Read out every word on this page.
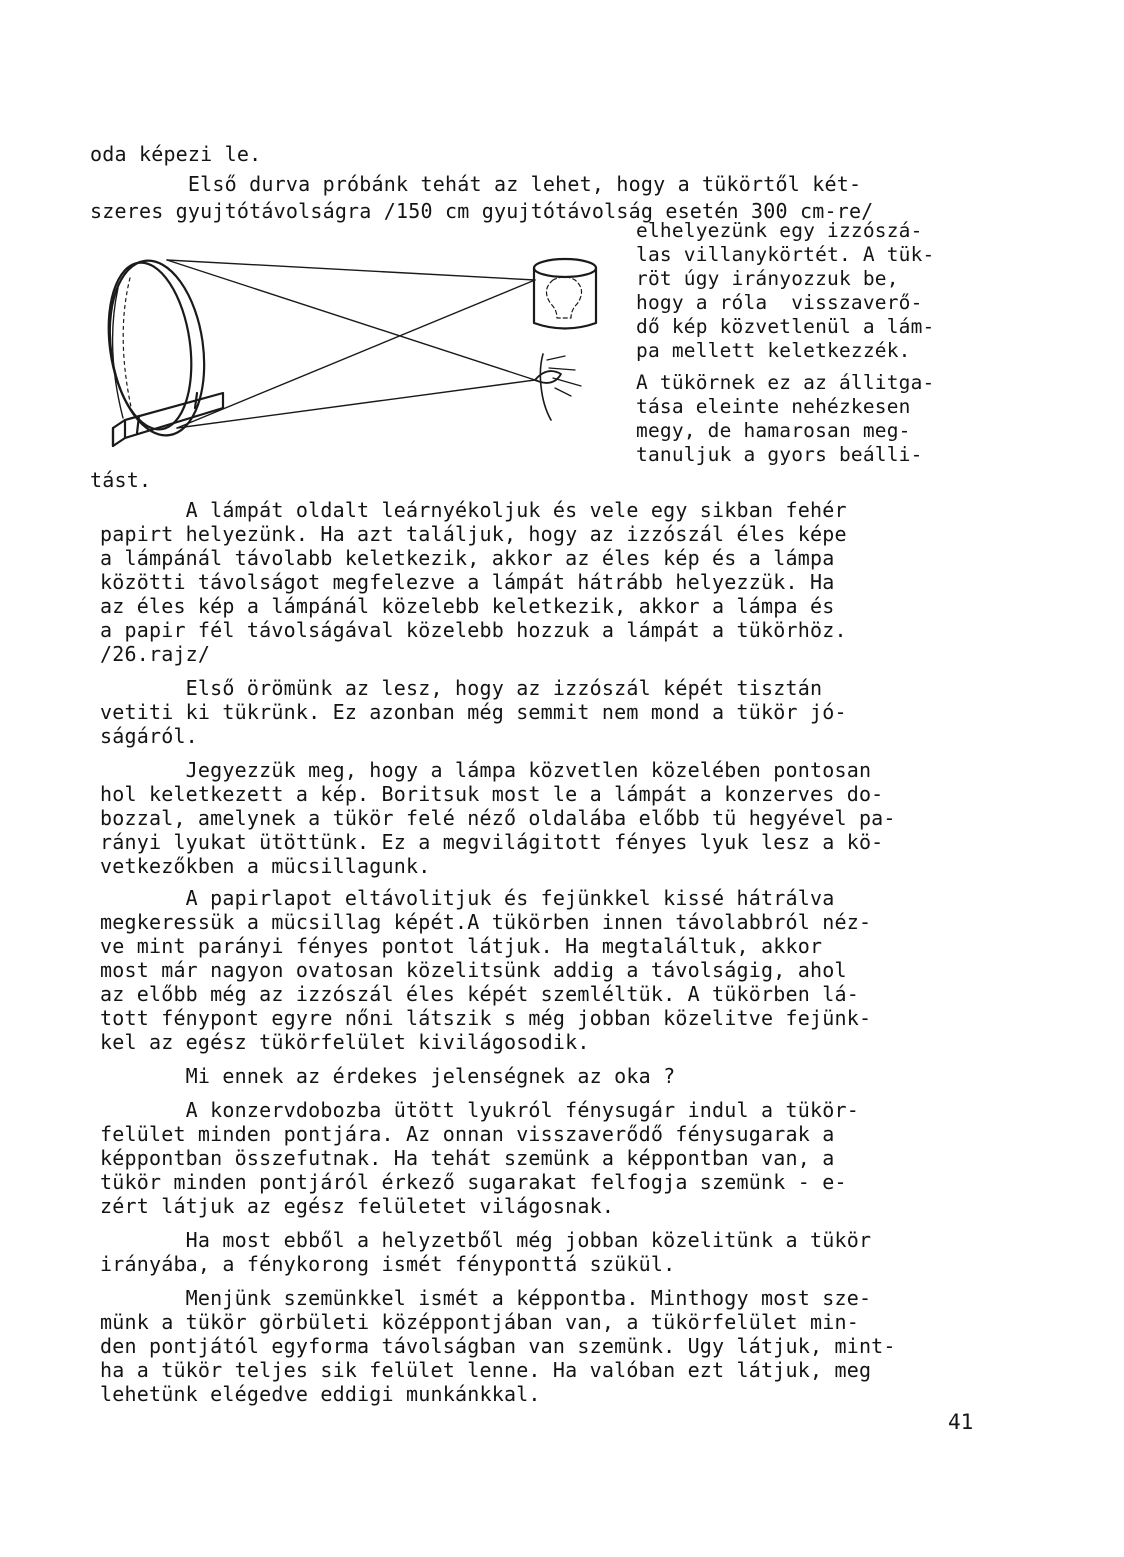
oda képezi le.

Első durva próbánk tehát az lehet, hogy a tükörtől két-

szeres gyujtótávolságra /150 cm gyujtótávolság esetén 300 cm-re/

elhelyezünk egy izzószá-

las villanykörtét. A tük-

röt úgy irányozzuk be,

hogy a róla  visszaverő-

dő kép közvetlenül a lám-

pa mellett keletkezzék.

A tükörnek ez az állitga-

tása eleinte nehézkesen

megy, de hamarosan meg-

tanuljuk a gyors beálli-

tást.

A lámpát oldalt leárnyékoljuk és vele egy sikban fehér

papirt helyezünk. Ha azt találjuk, hogy az izzószál éles képe

a lámpánál távolabb keletkezik, akkor az éles kép és a lámpa

közötti távolságot megfelezve a lámpát hátrább helyezzük. Ha

az éles kép a lámpánál közelebb keletkezik, akkor a lámpa és

a papir fél távolságával közelebb hozzuk a lámpát a tükörhöz.

/26.rajz/

Első örömünk az lesz, hogy az izzószál képét tisztán

vetiti ki tükrünk. Ez azonban még semmit nem mond a tükör jó-

ságáról.

Jegyezzük meg, hogy a lámpa közvetlen közelében pontosan

hol keletkezett a kép. Boritsuk most le a lámpát a konzerves do-

bozzal, amelynek a tükör felé néző oldalába előbb tü hegyével pa-

rányi lyukat ütöttünk. Ez a megvilágitott fényes lyuk lesz a kö-

vetkezőkben a mücsillagunk.

A papirlapot eltávolitjuk és fejünkkel kissé hátrálva

megkeressük a mücsillag képét.A tükörben innen távolabbról néz-

ve mint parányi fényes pontot látjuk. Ha megtaláltuk, akkor

most már nagyon ovatosan közelitsünk addig a távolságig, ahol

az előbb még az izzószál éles képét szemléltük. A tükörben lá-

tott fénypont egyre nőni látszik s még jobban közelitve fejünk-

kel az egész tükörfelület kivilágosodik.

Mi ennek az érdekes jelenségnek az oka ?

A konzervdobozba ütött lyukról fénysugár indul a tükör-

felület minden pontjára. Az onnan visszaverődő fénysugarak a

képpontban összefutnak. Ha tehát szemünk a képpontban van, a

tükör minden pontjáról érkező sugarakat felfogja szemünk - e-

zért látjuk az egész felületet világosnak.

Ha most ebből a helyzetből még jobban közelitünk a tükör

irányába, a fénykorong ismét fényponttá szükül.

Menjünk szemünkkel ismét a képpontba. Minthogy most sze-

münk a tükör görbületi középpontjában van, a tükörfelület min-

den pontjától egyforma távolságban van szemünk. Ugy látjuk, mint-

ha a tükör teljes sik felület lenne. Ha valóban ezt látjuk, meg

lehetünk elégedve eddigi munkánkkal.

41
